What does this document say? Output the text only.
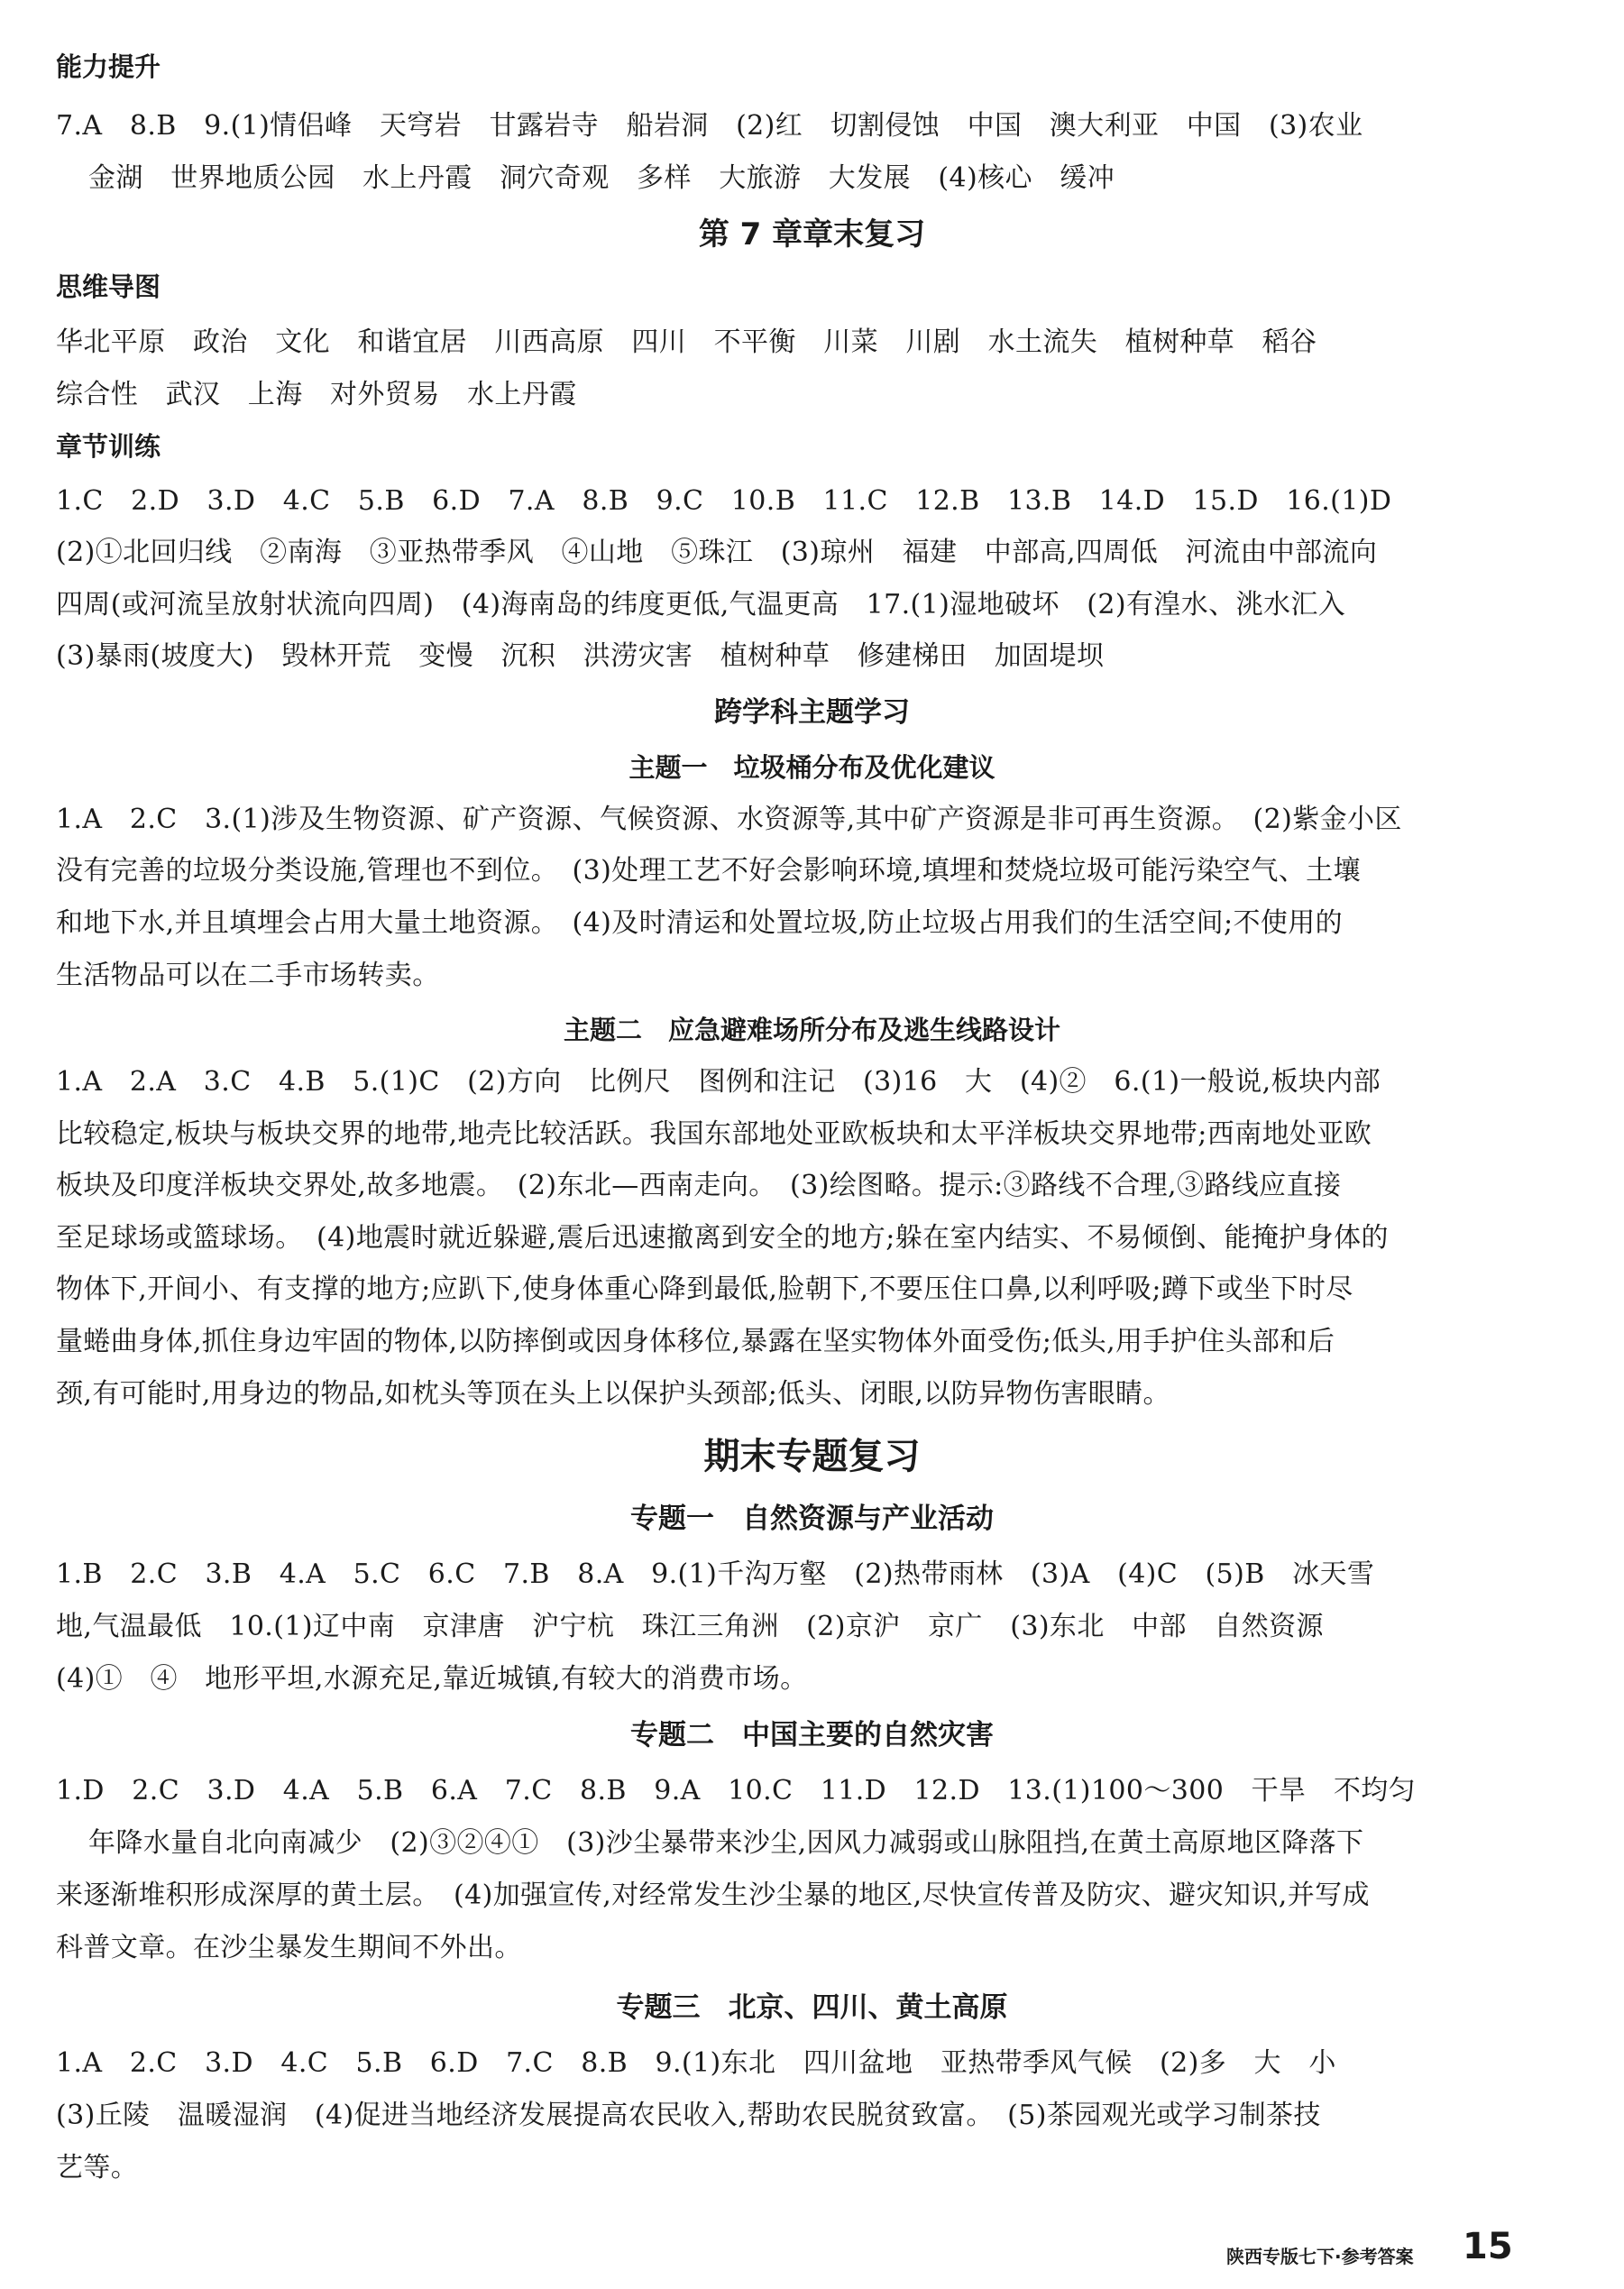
能力提升
7.A　8.B　9.(1)情侣峰　天穹岩　甘露岩寺　船岩洞　(2)红　切割侵蚀　中国　澳大利亚　中国　(3)农业
金湖　世界地质公园　水上丹霞　洞穴奇观　多样　大旅游　大发展　(4)核心　缓冲
第 7 章章末复习
思维导图
华北平原　政治　文化　和谐宜居　川西高原　四川　不平衡　川菜　川剧　水土流失　植树种草　稻谷
综合性　武汉　上海　对外贸易　水上丹霞
章节训练
1.C　2.D　3.D　4.C　5.B　6.D　7.A　8.B　9.C　10.B　11.C　12.B　13.B　14.D　15.D　16.(1)D
(2)①北回归线　②南海　③亚热带季风　④山地　⑤珠江　(3)琼州　福建　中部高,四周低　河流由中部流向
四周(或河流呈放射状流向四周)　(4)海南岛的纬度更低,气温更高　17.(1)湿地破坏　(2)有湟水、洮水汇入
(3)暴雨(坡度大)　毁林开荒　变慢　沉积　洪涝灾害　植树种草　修建梯田　加固堤坝
跨学科主题学习
主题一　垃圾桶分布及优化建议
1.A　2.C　3.(1)涉及生物资源、矿产资源、气候资源、水资源等,其中矿产资源是非可再生资源。　(2)紫金小区
没有完善的垃圾分类设施,管理也不到位。　(3)处理工艺不好会影响环境,填埋和焚烧垃圾可能污染空气、土壤
和地下水,并且填埋会占用大量土地资源。　(4)及时清运和处置垃圾,防止垃圾占用我们的生活空间;不使用的
生活物品可以在二手市场转卖。
主题二　应急避难场所分布及逃生线路设计
1.A　2.A　3.C　4.B　5.(1)C　(2)方向　比例尺　图例和注记　(3)16　大　(4)②　6.(1)一般说,板块内部
比较稳定,板块与板块交界的地带,地壳比较活跃。我国东部地处亚欧板块和太平洋板块交界地带;西南地处亚欧
板块及印度洋板块交界处,故多地震。　(2)东北—西南走向。　(3)绘图略。提示:③路线不合理,③路线应直接
至足球场或篮球场。　(4)地震时就近躲避,震后迅速撤离到安全的地方;躲在室内结实、不易倾倒、能掩护身体的
物体下,开间小、有支撑的地方;应趴下,使身体重心降到最低,脸朝下,不要压住口鼻,以利呼吸;蹲下或坐下时尽
量蜷曲身体,抓住身边牢固的物体,以防摔倒或因身体移位,暴露在坚实物体外面受伤;低头,用手护住头部和后
颈,有可能时,用身边的物品,如枕头等顶在头上以保护头颈部;低头、闭眼,以防异物伤害眼睛。
期末专题复习
专题一　自然资源与产业活动
1.B　2.C　3.B　4.A　5.C　6.C　7.B　8.A　9.(1)千沟万壑　(2)热带雨林　(3)A　(4)C　(5)B　冰天雪
地,气温最低　10.(1)辽中南　京津唐　沪宁杭　珠江三角洲　(2)京沪　京广　(3)东北　中部　自然资源
(4)①　④　地形平坦,水源充足,靠近城镇,有较大的消费市场。
专题二　中国主要的自然灾害
1.D　2.C　3.D　4.A　5.B　6.A　7.C　8.B　9.A　10.C　11.D　12.D　13.(1)100～300　干旱　不均匀
年降水量自北向南减少　(2)③②④①　(3)沙尘暴带来沙尘,因风力减弱或山脉阻挡,在黄土高原地区降落下
来逐渐堆积形成深厚的黄土层。　(4)加强宣传,对经常发生沙尘暴的地区,尽快宣传普及防灾、避灾知识,并写成
科普文章。在沙尘暴发生期间不外出。
专题三　北京、四川、黄土高原
1.A　2.C　3.D　4.C　5.B　6.D　7.C　8.B　9.(1)东北　四川盆地　亚热带季风气候　(2)多　大　小
(3)丘陵　温暖湿润　(4)促进当地经济发展提高农民收入,帮助农民脱贫致富。　(5)茶园观光或学习制茶技
艺等。
陕西专版七下·参考答案 15
